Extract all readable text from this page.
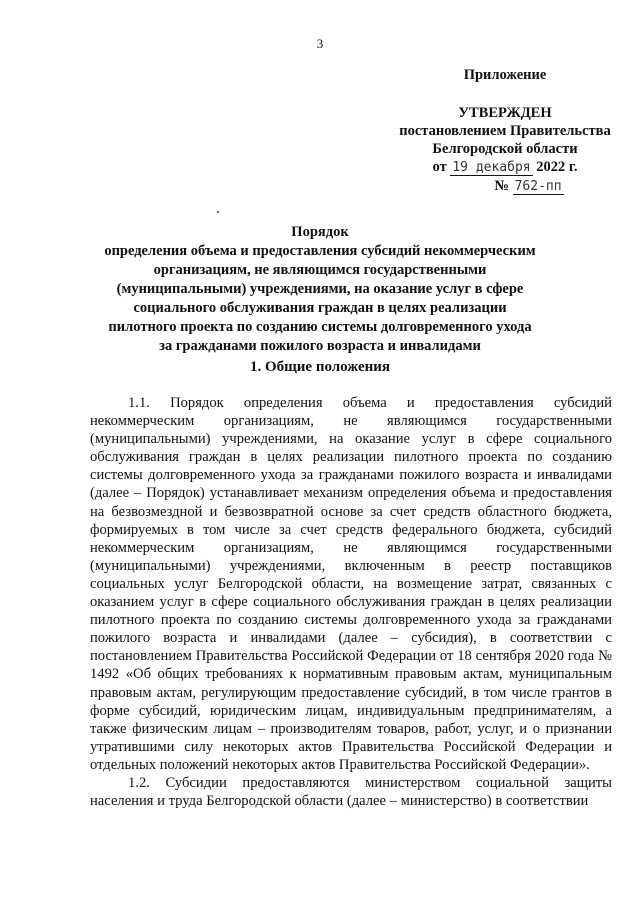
3
Приложение
УТВЕРЖДЕН
постановлением Правительства
Белгородской области
от 19 декабря 2022 г.
№ 762-пп
Порядок
определения объема и предоставления субсидий некоммерческим
организациям, не являющимся государственными
(муниципальными) учреждениями, на оказание услуг в сфере
социального обслуживания граждан в целях реализации
пилотного проекта по созданию системы долговременного ухода
за гражданами пожилого возраста и инвалидами
1. Общие положения

1.1. Порядок определения объема и предоставления субсидий некоммерческим организациям, не являющимся государственными (муниципальными) учреждениями, на оказание услуг в сфере социального обслуживания граждан в целях реализации пилотного проекта по созданию системы долговременного ухода за гражданами пожилого возраста и инвалидами (далее – Порядок) устанавливает механизм определения объема и предоставления на безвозмездной и безвозвратной основе за счет средств областного бюджета, формируемых в том числе за счет средств федерального бюджета, субсидий некоммерческим организациям, не являющимся государственными (муниципальными) учреждениями, включенным в реестр поставщиков социальных услуг Белгородской области, на возмещение затрат, связанных с оказанием услуг в сфере социального обслуживания граждан в целях реализации пилотного проекта по созданию системы долговременного ухода за гражданами пожилого возраста и инвалидами (далее – субсидия), в соответствии с постановлением Правительства Российской Федерации от 18 сентября 2020 года № 1492 «Об общих требованиях к нормативным правовым актам, муниципальным правовым актам, регулирующим предоставление субсидий, в том числе грантов в форме субсидий, юридическим лицам, индивидуальным предпринимателям, а также физическим лицам – производителям товаров, работ, услуг, и о признании утратившими силу некоторых актов Правительства Российской Федерации и отдельных положений некоторых актов Правительства Российской Федерации».

1.2. Субсидии предоставляются министерством социальной защиты населения и труда Белгородской области (далее – министерство) в соответствии
